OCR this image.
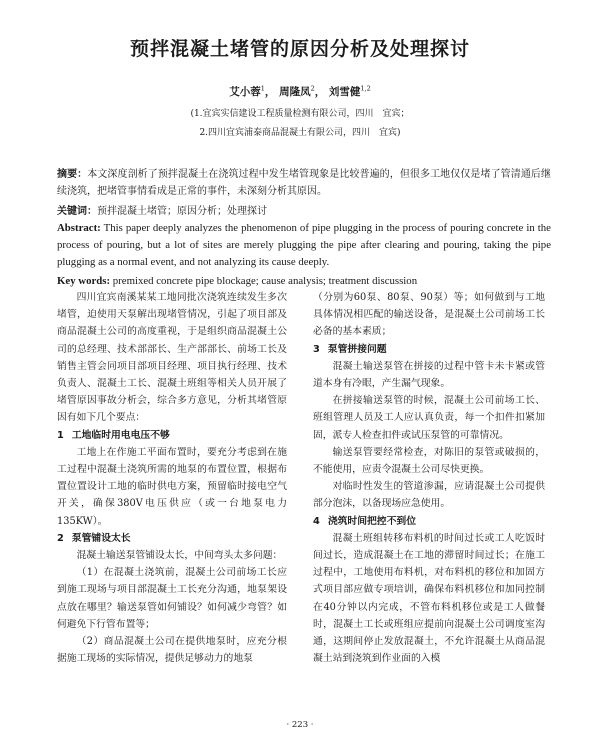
预拌混凝土堵管的原因分析及处理探讨
艾小蓉$^1$， 周隆凤$^2$， 刘雪健$^{1,2}$
(1.宜宾实信建设工程质量检测有限公司，四川　宜宾；
2.四川宜宾浦泰商品混凝土有限公司，四川　宜宾)

摘要：本文深度剖析了预拌混凝土在浇筑过程中发生堵管现象是比较普遍的，但很多工地仅仅是堵了管清通后继续浇筑，把堵管事情看成是正常的事件，未深刻分析其原因。

关键词：预拌混凝土堵管；原因分析；处理探讨

Abstract: This paper deeply analyzes the phenomenon of pipe plugging in the process of pouring concrete in the process of pouring, but a lot of sites are merely plugging the pipe after clearing and pouring, taking the pipe plugging as a normal event, and not analyzing its cause deeply.

Key words: premixed concrete pipe blockage; cause analysis; treatment discussion

四川宜宾南溪某某工地同批次浇筑连续发生多次堵管，迫使用天泵解出现堵管情况，引起了项目部及商品混凝土公司的高度重视，于是组织商品混凝土公司的总经理、技术部部长、生产部部长、前场工长及销售主管会同项目部项目经理、项目执行经理、技术负责人、混凝土工长、混凝土班组等相关人员开展了堵管原因事故分析会，综合多方意见，分析其堵管原因有如下几个要点：

1 工地临时用电电压不够

工地上在作施工平面布置时，要充分考虑到在施工过程中混凝土浇筑所需的地泵的布置位置，根据布置位置设计工地的临时供电方案，预留临时接电空气开关，确保380V电压供应（或一台地泵电力135KW）。

2 泵管铺设太长

混凝土输送泵管铺设太长，中间弯头太多问题：

（1）在混凝土浇筑前，混凝土公司前场工长应到施工现场与项目部混凝土工长充分沟通，地泵架设点放在哪里？输送泵管如何铺设？如何减少弯管？如何避免下行管布置等；

（2）商品混凝土公司在提供地泵时，应充分根据施工现场的实际情况，提供足够动力的地泵

（分别为60泵、80泵、90泵）等；如何做到与工地具体情况相匹配的输送设备，是混凝土公司前场工长必备的基本素质；

3 泵管拼接问题

混凝土输送泵管在拼接的过程中管卡未卡紧或管道本身有冷眼，产生漏气现象。

在拼接输送泵管的时候，混凝土公司前场工长、班组管理人员及工人应认真负责，每一个扣件扣紧加固，派专人检查扣件或试压泵管的可靠情况。

输送泵管要经常检查，对陈旧的泵管或破损的，不能使用，应责令混凝土公司尽快更换。

对临时性发生的管道渗漏，应请混凝土公司提供部分泡沫，以备现场应急使用。

4 浇筑时间把控不到位

混凝土班组转移布料机的时间过长或工人吃饭时间过长，造成混凝土在工地的滞留时间过长；在施工过程中，工地使用布料机，对布料机的移位和加固方式项目部应做专项培训，确保布料机移位和加同控制在40分钟以内完成，不管布料机移位或是工人做餐时，混凝土工长或班组应提前向混凝土公司调度室沟通，这期间停止发放混凝土，不允许混凝土从商品混凝土站到浇筑到作业面的入模

· 223 ·
